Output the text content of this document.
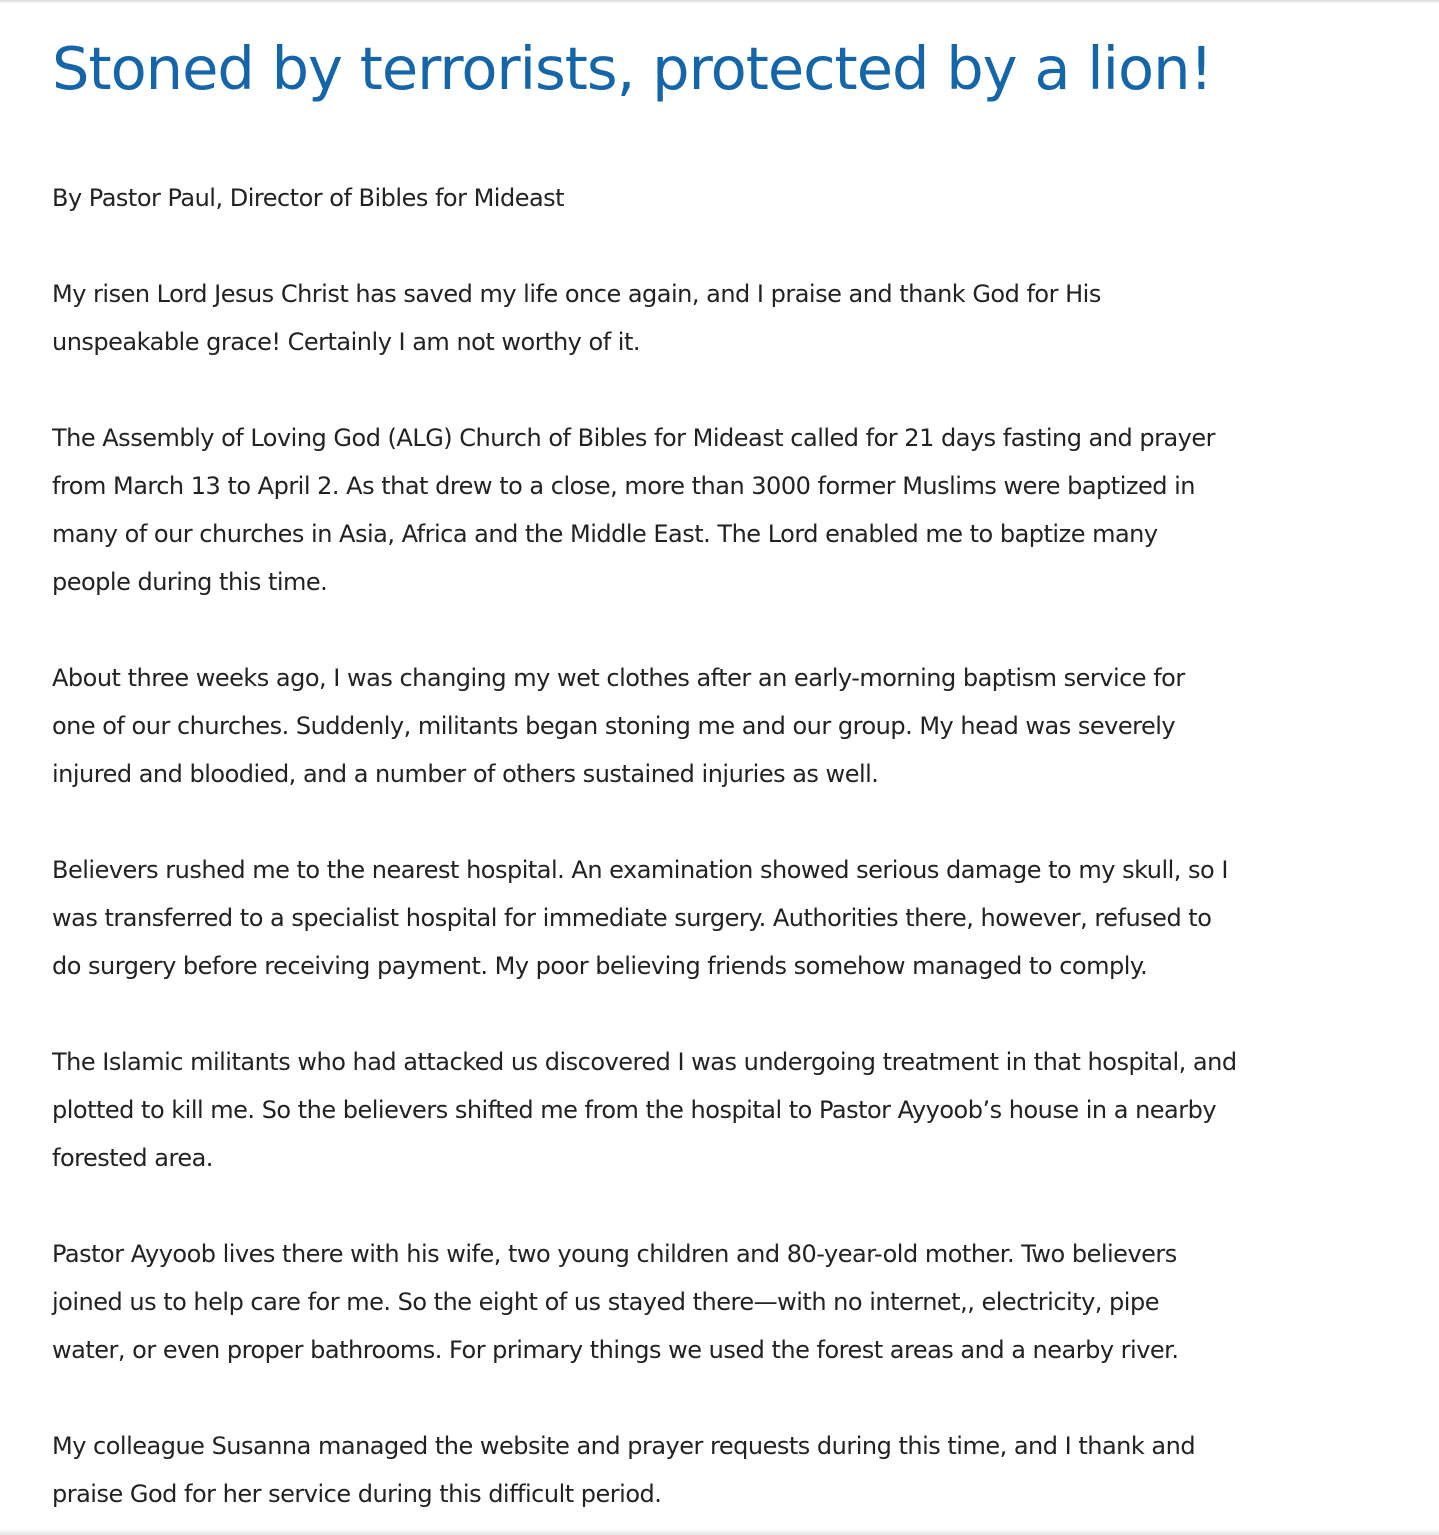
Stoned by terrorists, protected by a lion!

By Pastor Paul, Director of Bibles for Mideast

My risen Lord Jesus Christ has saved my life once again, and I praise and thank God for His
unspeakable grace! Certainly I am not worthy of it.

The Assembly of Loving God (ALG) Church of Bibles for Mideast called for 21 days fasting and prayer
from March 13 to April 2. As that drew to a close, more than 3000 former Muslims were baptized in
many of our churches in Asia, Africa and the Middle East. The Lord enabled me to baptize many
people during this time.

About three weeks ago, I was changing my wet clothes after an early-morning baptism service for
one of our churches. Suddenly, militants began stoning me and our group. My head was severely
injured and bloodied, and a number of others sustained injuries as well.

Believers rushed me to the nearest hospital. An examination showed serious damage to my skull, so I
was transferred to a specialist hospital for immediate surgery. Authorities there, however, refused to
do surgery before receiving payment. My poor believing friends somehow managed to comply.

The Islamic militants who had attacked us discovered I was undergoing treatment in that hospital, and
plotted to kill me. So the believers shifted me from the hospital to Pastor Ayyoob’s house in a nearby
forested area.

Pastor Ayyoob lives there with his wife, two young children and 80-year-old mother. Two believers
joined us to help care for me. So the eight of us stayed there—with no internet,, electricity, pipe
water, or even proper bathrooms. For primary things we used the forest areas and a nearby river.

My colleague Susanna managed the website and prayer requests during this time, and I thank and
praise God for her service during this difficult period.
